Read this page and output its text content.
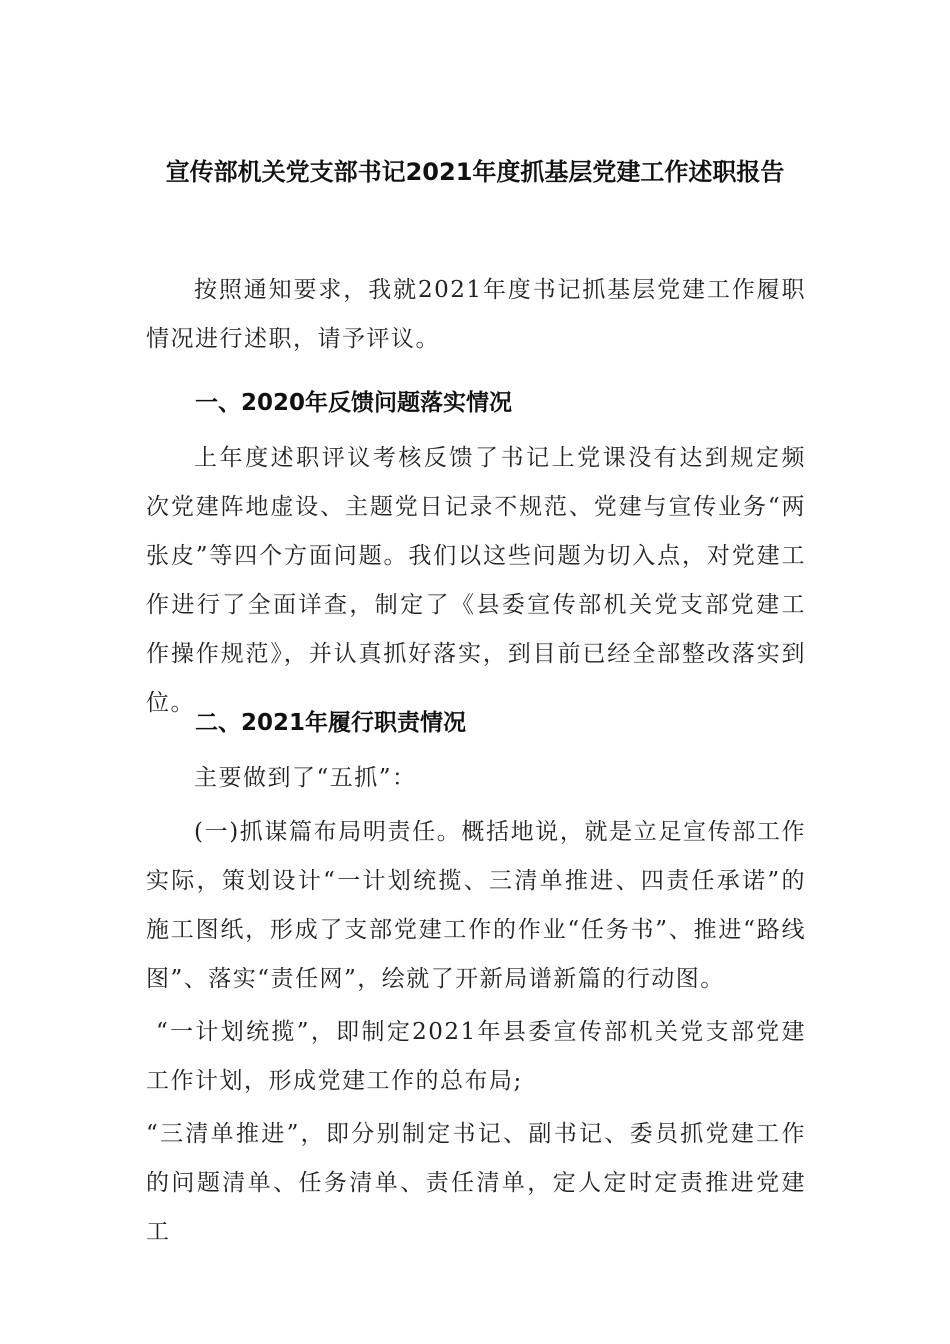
宣传部机关党支部书记2021年度抓基层党建工作述职报告
按照通知要求，我就2021年度书记抓基层党建工作履职情况进行述职，请予评议。
一、2020年反馈问题落实情况
上年度述职评议考核反馈了书记上党课没有达到规定频次党建阵地虚设、主题党日记录不规范、党建与宣传业务“两张皮”等四个方面问题。我们以这些问题为切入点，对党建工作进行了全面详查，制定了《县委宣传部机关党支部党建工作操作规范》，并认真抓好落实，到目前已经全部整改落实到位。
二、2021年履行职责情况
主要做到了“五抓”：
(一)抓谋篇布局明责任。概括地说，就是立足宣传部工作实际，策划设计“一计划统揽、三清单推进、四责任承诺”的施工图纸，形成了支部党建工作的作业“任务书”、推进“路线图”、落实“责任网”，绘就了开新局谱新篇的行动图。
“一计划统揽”，即制定2021年县委宣传部机关党支部党建工作计划，形成党建工作的总布局;
“三清单推进”，即分别制定书记、副书记、委员抓党建工作的问题清单、任务清单、责任清单，定人定时定责推进党建工
